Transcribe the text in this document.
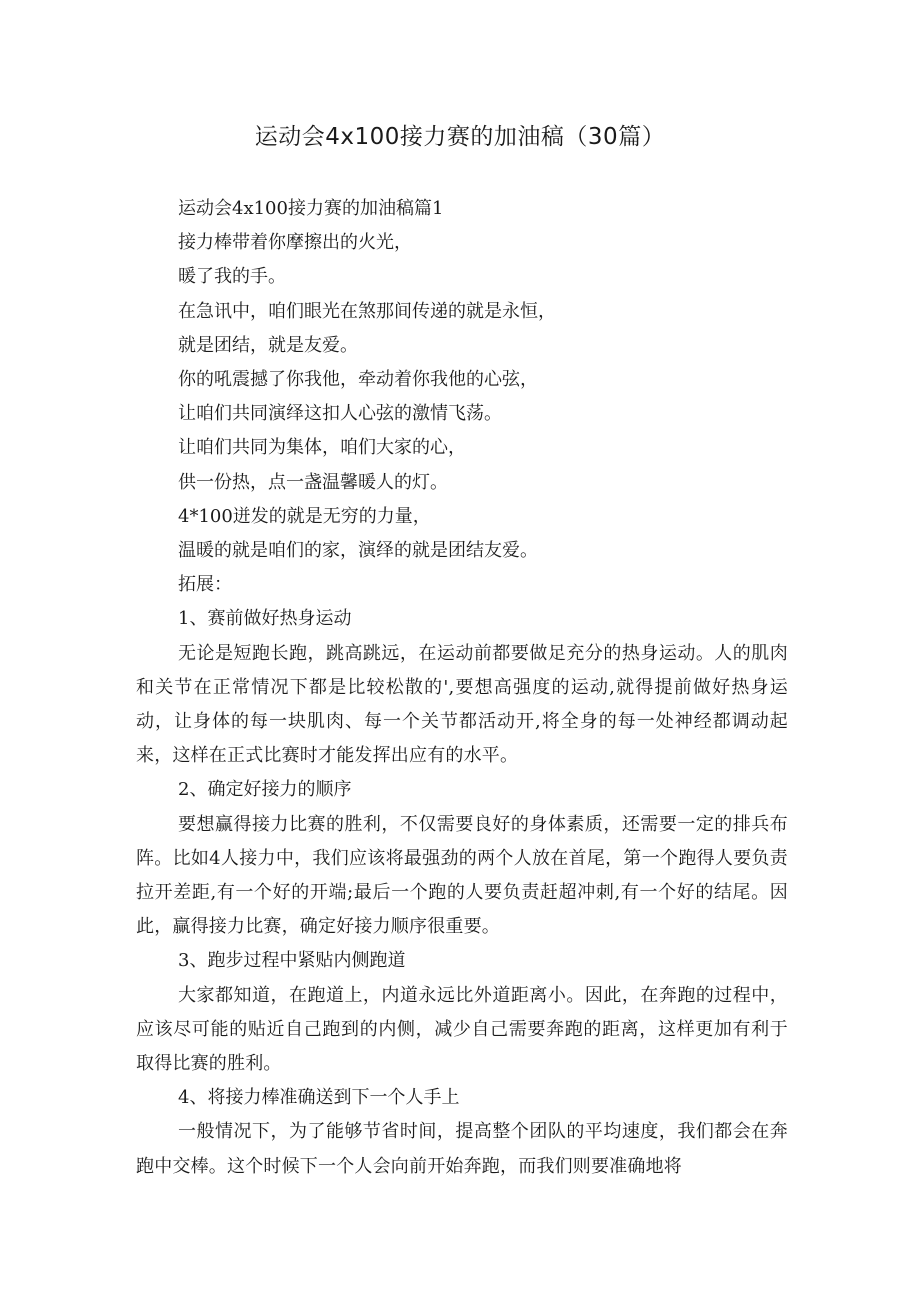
运动会4x100接力赛的加油稿（30篇）

运动会4x100接力赛的加油稿篇1

接力棒带着你摩擦出的火光，

暖了我的手。

在急讯中，咱们眼光在煞那间传递的就是永恒，

就是团结，就是友爱。

你的吼震撼了你我他，牵动着你我他的心弦，

让咱们共同演绎这扣人心弦的激情飞荡。

让咱们共同为集体，咱们大家的心，

供一份热，点一盏温馨暖人的灯。

4*100迸发的就是无穷的力量，

温暖的就是咱们的家，演绎的就是团结友爱。

拓展：

1、赛前做好热身运动

无论是短跑长跑，跳高跳远，在运动前都要做足充分的热身运动。人的肌肉和关节在正常情况下都是比较松散的',要想高强度的运动,就得提前做好热身运动，让身体的每一块肌肉、每一个关节都活动开,将全身的每一处神经都调动起来，这样在正式比赛时才能发挥出应有的水平。

2、确定好接力的顺序

要想赢得接力比赛的胜利，不仅需要良好的身体素质，还需要一定的排兵布阵。比如4人接力中，我们应该将最强劲的两个人放在首尾，第一个跑得人要负责拉开差距,有一个好的开端;最后一个跑的人要负责赶超冲刺,有一个好的结尾。因此，赢得接力比赛，确定好接力顺序很重要。

3、跑步过程中紧贴内侧跑道

大家都知道，在跑道上，内道永远比外道距离小。因此，在奔跑的过程中，应该尽可能的贴近自己跑到的内侧，减少自己需要奔跑的距离，这样更加有利于取得比赛的胜利。

4、将接力棒准确送到下一个人手上

一般情况下，为了能够节省时间，提高整个团队的平均速度，我们都会在奔跑中交棒。这个时候下一个人会向前开始奔跑，而我们则要准确地将
